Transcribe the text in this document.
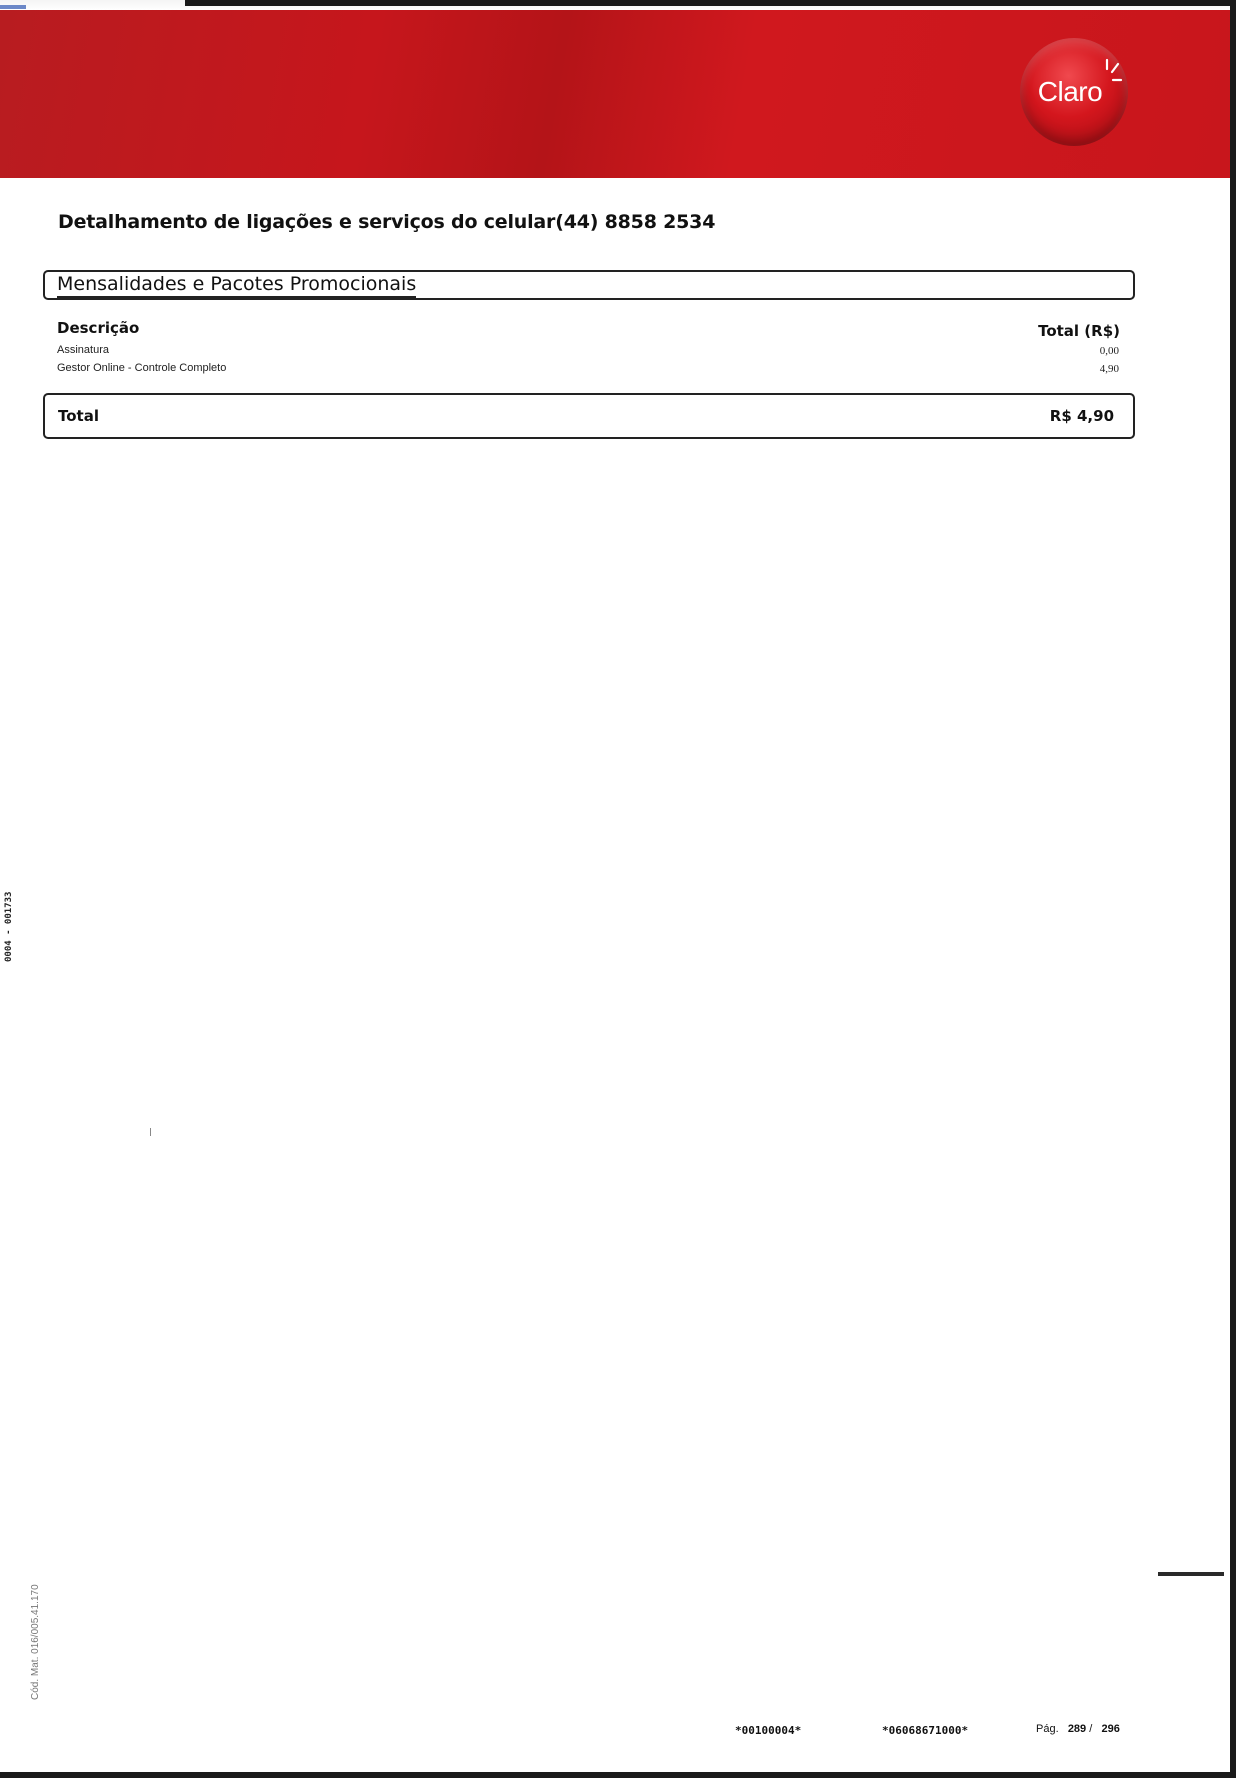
Claro
Detalhamento de ligações e serviços do celular(44) 8858 2534
Mensalidades e Pacotes Promocionais
Descrição	Total (R$)
Assinatura	0,00
Gestor Online - Controle Completo	4,90
Total	R$ 4,90
0004 - 001733
Cód. Mat. 016/005.41.170
*00100004*	*06068671000*	Pág. 289 / 296
